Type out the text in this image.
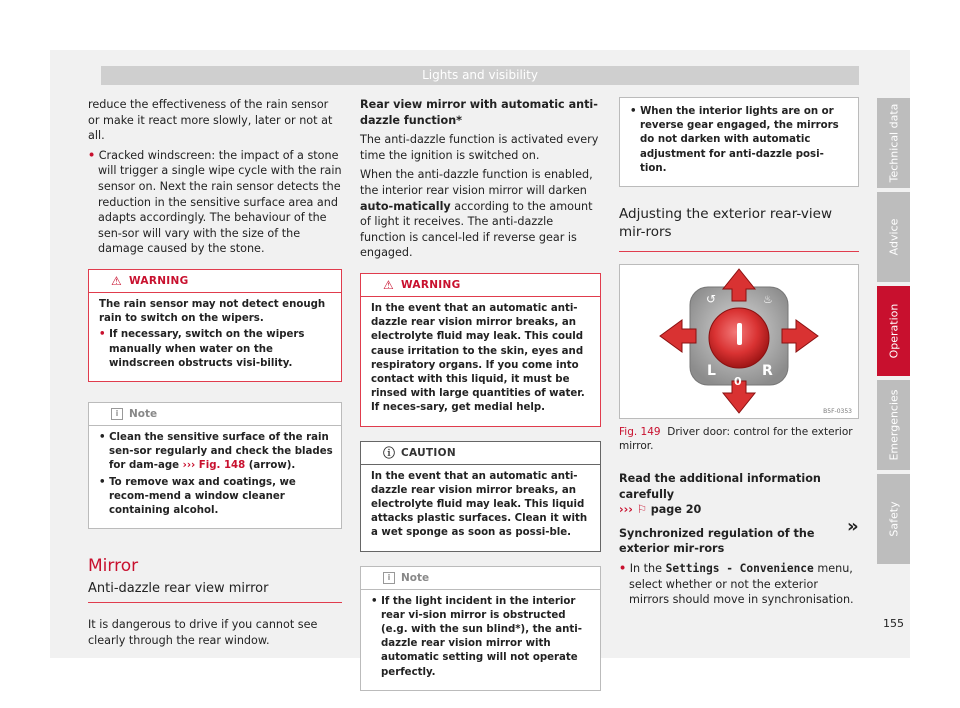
Lights and visibility

reduce the effectiveness of the rain sensor or make it react more slowly, later or not at all.

• Cracked windscreen: the impact of a stone will trigger a single wipe cycle with the rain sensor on. Next the rain sensor detects the reduction in the sensitive surface area and adapts accordingly. The behaviour of the sen-sor will vary with the size of the damage caused by the stone.

⚠ WARNING

The rain sensor may not detect enough rain to switch on the wipers.

• If necessary, switch on the wipers manually when water on the windscreen obstructs visi-bility.

i	Note

• Clean the sensitive surface of the rain sen-sor regularly and check the blades for dam-age ››› Fig. 148 (arrow).

• To remove wax and coatings, we recom-mend a window cleaner containing alcohol.

Mirror
Anti-dazzle rear view mirror

It is dangerous to drive if you cannot see clearly through the rear window.

Rear view mirror with automatic anti-dazzle function*

The anti-dazzle function is activated every time the ignition is switched on.

When the anti-dazzle function is enabled, the interior rear vision mirror will darken auto-matically according to the amount of light it receives. The anti-dazzle function is cancel-led if reverse gear is engaged.

⚠ WARNING

In the event that an automatic anti-dazzle rear vision mirror breaks, an electrolyte fluid may leak. This could cause irritation to the skin, eyes and respiratory organs. If you come into contact with this liquid, it must be rinsed with large quantities of water. If neces-sary, get medial help.

ⓘ CAUTION

In the event that an automatic anti-dazzle rear vision mirror breaks, an electrolyte fluid may leak. This liquid attacks plastic surfaces. Clean it with a wet sponge as soon as possi-ble.

i	Note

• If the light incident in the interior rear vi-sion mirror is obstructed (e.g. with the sun blind*), the anti-dazzle rear vision mirror with automatic setting will not operate perfectly.

• When the interior lights are on or reverse gear engaged, the mirrors do not darken with automatic adjustment for anti-dazzle posi-tion.

Adjusting the exterior rear-view mir-rors
L	R
0
↺	♨
B5F-0353

Fig. 149 Driver door: control for the exterior mirror.

Read the additional information carefully

››› ⚐ page 20

Synchronized regulation of the exterior mir-rors

• In the Settings - Convenience menu, select whether or not the exterior mirrors should move in synchronisation.

»
Technical data
Advice
Operation
Emergencies
Safety
155
